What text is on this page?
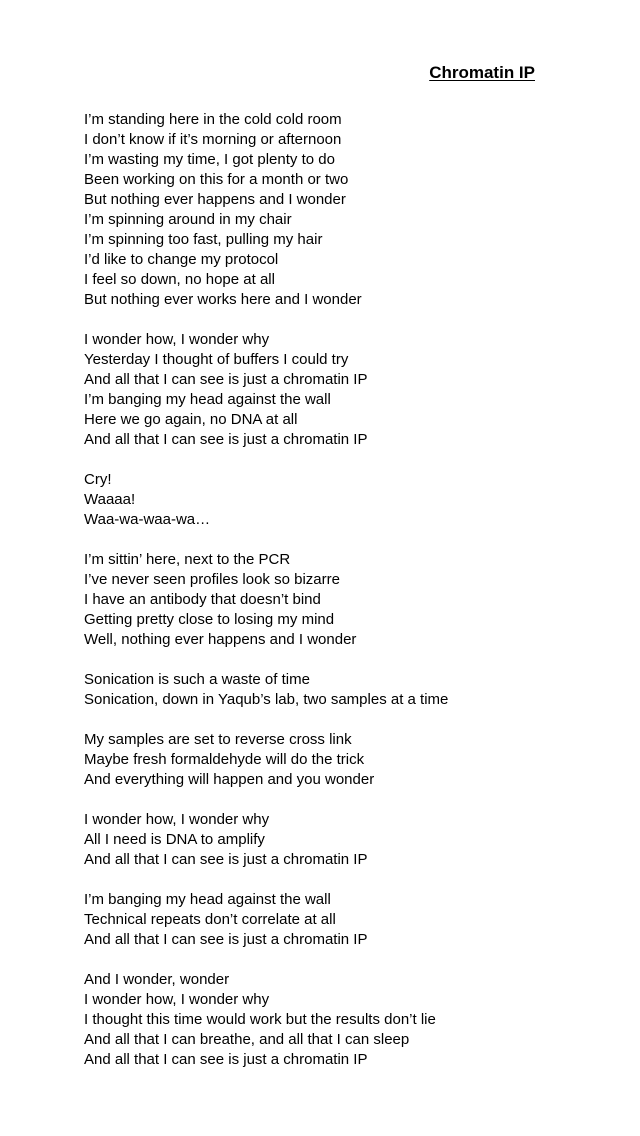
Chromatin IP
I’m standing here in the cold cold room
I don’t know if it’s morning or afternoon
I’m wasting my time, I got plenty to do
Been working on this for a month or two
But nothing ever happens and I wonder
I’m spinning around in my chair
I’m spinning too fast, pulling my hair
I’d like to change my protocol
I feel so down, no hope at all
But nothing ever works here and I wonder
I wonder how, I wonder why
Yesterday I thought of buffers I could try
And all that I can see is just a chromatin IP
I’m banging my head against the wall
Here we go again, no DNA at all
And all that I can see is just a chromatin IP
Cry!
Waaaa!
Waa-wa-waa-wa…
I’m sittin’ here, next to the PCR
I’ve never seen profiles look so bizarre
I have an antibody that doesn’t bind
Getting pretty close to losing my mind
Well, nothing ever happens and I wonder
Sonication is such a waste of time
Sonication, down in Yaqub’s lab, two samples at a time
My samples are set to reverse cross link
Maybe fresh formaldehyde will do the trick
And everything will happen and you wonder
I wonder how, I wonder why
All I need is DNA to amplify
And all that I can see is just a chromatin IP
I’m banging my head against the wall
Technical repeats don’t correlate at all
And all that I can see is just a chromatin IP
And I wonder, wonder
I wonder how, I wonder why
I thought this time would work but the results don’t lie
And all that I can breathe, and all that I can sleep
And all that I can see is just a chromatin IP
